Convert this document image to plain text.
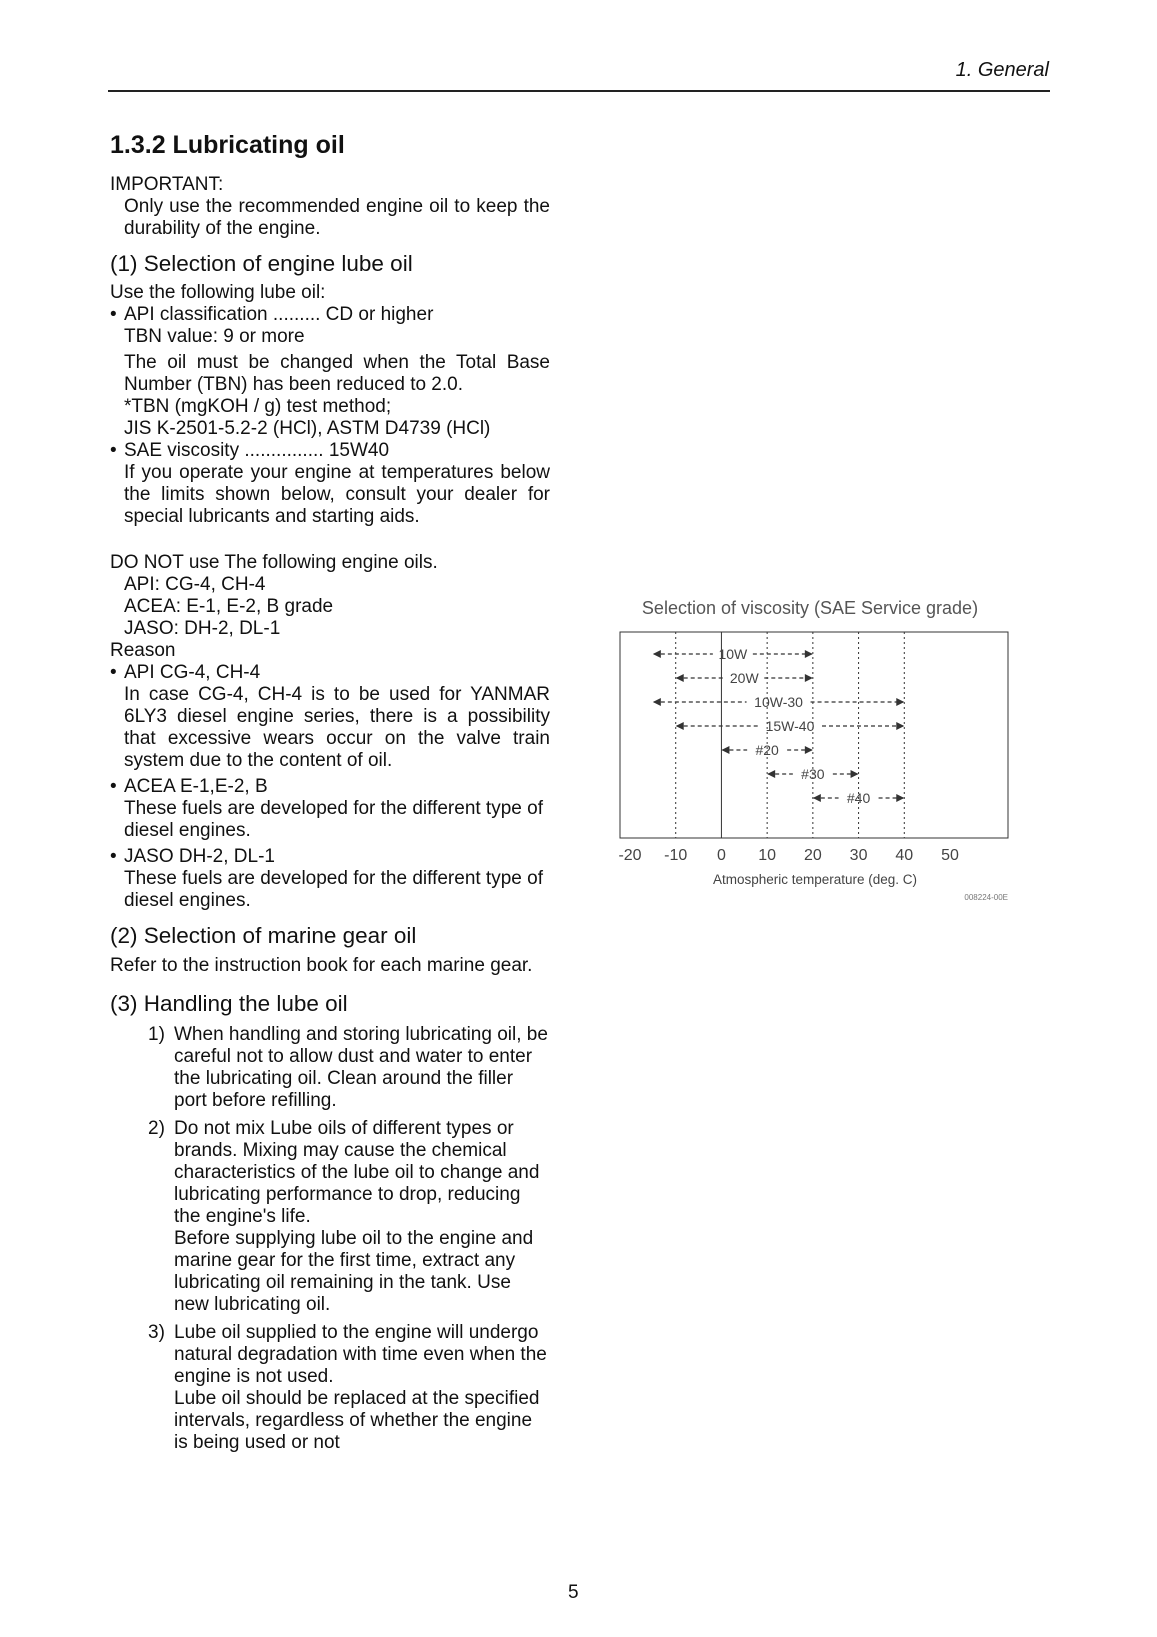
1. General
1.3.2 Lubricating oil
IMPORTANT:
Only use the recommended engine oil to keep the durability of the engine.
(1) Selection of engine lube oil
Use the following lube oil:
• API classification ......... CD or higher
TBN value: 9 or more
The oil must be changed when the Total Base Number (TBN) has been reduced to 2.0.
*TBN (mgKOH / g) test method;
JIS K-2501-5.2-2 (HCl), ASTM D4739 (HCl)
• SAE viscosity ............... 15W40
If you operate your engine at temperatures below the limits shown below, consult your dealer for special lubricants and starting aids.
DO NOT use The following engine oils.
API: CG-4, CH-4
ACEA: E-1, E-2, B grade
JASO: DH-2, DL-1
Reason
• API CG-4, CH-4
In case CG-4, CH-4 is to be used for YANMAR 6LY3 diesel engine series, there is a possibility that excessive wears occur on the valve train system due to the content of oil.
• ACEA E-1,E-2, B
These fuels are developed for the different type of diesel engines.
• JASO DH-2, DL-1
These fuels are developed for the different type of diesel engines.
(2) Selection of marine gear oil
Refer to the instruction book for each marine gear.
(3) Handling the lube oil
1) When handling and storing lubricating oil, be careful not to allow dust and water to enter the lubricating oil. Clean around the filler port before refilling.
2) Do not mix Lube oils of different types or brands. Mixing may cause the chemical characteristics of the lube oil to change and lubricating performance to drop, reducing the engine's life.
Before supplying lube oil to the engine and marine gear for the first time, extract any lubricating oil remaining in the tank. Use new lubricating oil.
3) Lube oil supplied to the engine will undergo natural degradation with time even when the engine is not used.
Lube oil should be replaced at the specified intervals, regardless of whether the engine is being used or not
Selection of viscosity (SAE Service grade)
10W
20W
10W-30
15W-40
#20
#30
#40
-20 -10 0 10 20 30 40 50
Atmospheric temperature (deg. C)
008224-00E
5
